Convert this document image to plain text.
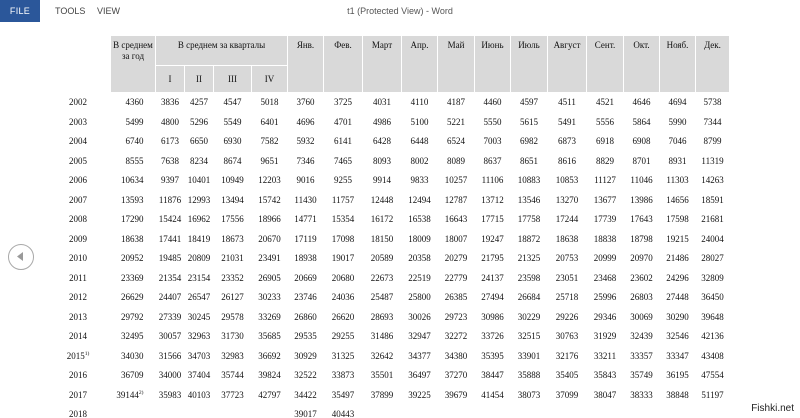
FILE	TOOLS VIEW	t1 (Protected View) - Word
	В среднем за год	В среднем за кварталы				Янв.	Фев.	Март	Апр.	Май	Июнь	Июль	Август	Сент.	Окт.	Нояб.	Дек.
		I	II	III	IV												
2002	4360	3836	4257	4547	5018	3760	3725	4031	4110	4187	4460	4597	4511	4521	4646	4694	5738
2003	5499	4800	5296	5549	6401	4696	4701	4986	5100	5221	5550	5615	5491	5556	5864	5990	7344
2004	6740	6173	6650	6930	7582	5932	6141	6428	6448	6524	7003	6982	6873	6918	6908	7046	8799
2005	8555	7638	8234	8674	9651	7346	7465	8093	8002	8089	8637	8651	8616	8829	8701	8931	11319
2006	10634	9397	10401	10949	12203	9016	9255	9914	9833	10257	11106	10883	10853	11127	11046	11303	14263
2007	13593	11876	12993	13494	15742	11430	11757	12448	12494	12787	13712	13546	13270	13677	13986	14656	18591
2008	17290	15424	16962	17556	18966	14771	15354	16172	16538	16643	17715	17758	17244	17739	17643	17598	21681
2009	18638	17441	18419	18673	20670	17119	17098	18150	18009	18007	19247	18872	18638	18838	18798	19215	24004
2010	20952	19485	20809	21031	23491	18938	19017	20589	20358	20279	21795	21325	20753	20999	20970	21486	28027
2011	23369	21354	23154	23352	26905	20669	20680	22673	22519	22779	24137	23598	23051	23468	23602	24296	32809
2012	26629	24407	26547	26127	30233	23746	24036	25487	25800	26385	27494	26684	25718	25996	26803	27448	36450
2013	29792	27339	30245	29578	33269	26860	26620	28693	30026	29723	30986	30229	29226	29346	30069	30290	39648
2014	32495	30057	32963	31730	35685	29535	29255	31486	32947	32272	33726	32515	30763	31929	32439	32546	42136
2015$^{1)}$	34030	31566	34703	32983	36692	30929	31325	32642	34377	34380	35395	33901	32176	33211	33357	33347	43408
2016	36709	34000	37404	35744	39824	32522	33873	35501	36497	37270	38447	35888	35405	35843	35749	36195	47554
2017	39144$^{2)}$	35983	40103	37723	42797	34422	35497	37899	39225	39679	41454	38073	37099	38047	38333	38848	51197
2018						39017	40443											Fishki.net
